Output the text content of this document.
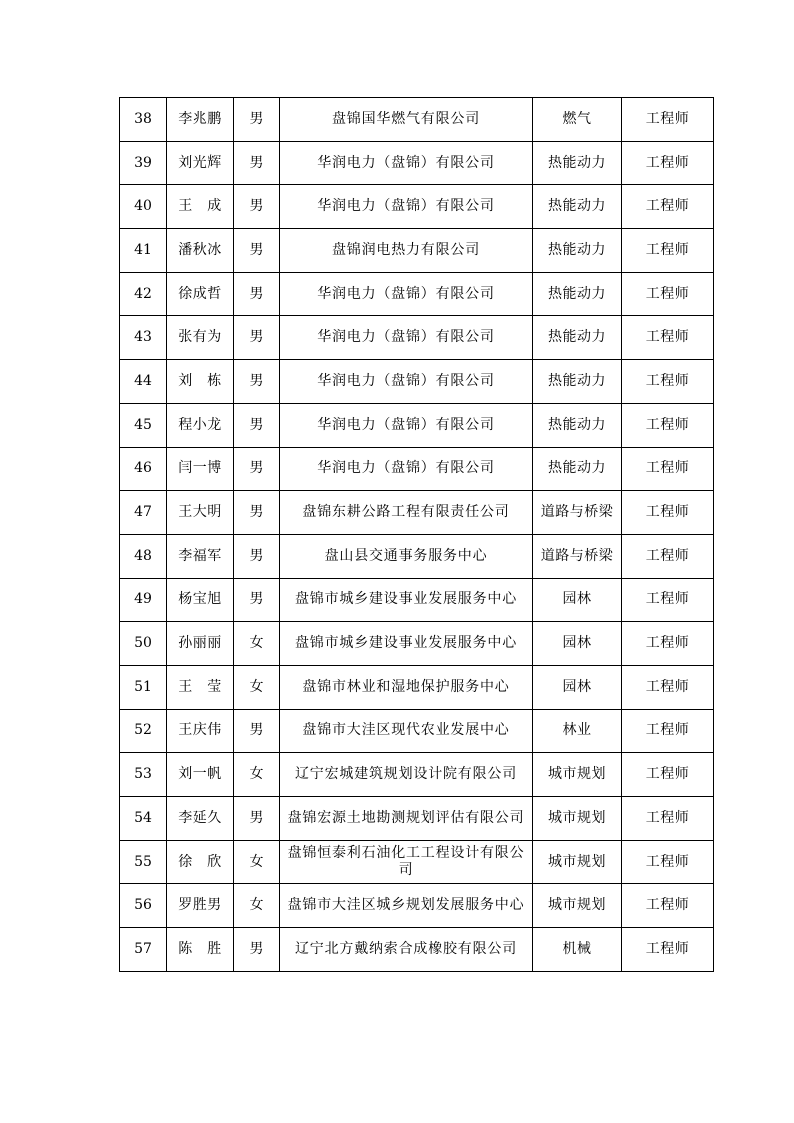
38	李兆鹏	男	盘锦国华燃气有限公司	燃气	工程师
39	刘光辉	男	华润电力（盘锦）有限公司	热能动力	工程师
40	王　成	男	华润电力（盘锦）有限公司	热能动力	工程师
41	潘秋冰	男	盘锦润电热力有限公司	热能动力	工程师
42	徐成哲	男	华润电力（盘锦）有限公司	热能动力	工程师
43	张有为	男	华润电力（盘锦）有限公司	热能动力	工程师
44	刘　栋	男	华润电力（盘锦）有限公司	热能动力	工程师
45	程小龙	男	华润电力（盘锦）有限公司	热能动力	工程师
46	闫一博	男	华润电力（盘锦）有限公司	热能动力	工程师
47	王大明	男	盘锦东耕公路工程有限责任公司	道路与桥梁	工程师
48	李福军	男	盘山县交通事务服务中心	道路与桥梁	工程师
49	杨宝旭	男	盘锦市城乡建设事业发展服务中心	园林	工程师
50	孙丽丽	女	盘锦市城乡建设事业发展服务中心	园林	工程师
51	王　莹	女	盘锦市林业和湿地保护服务中心	园林	工程师
52	王庆伟	男	盘锦市大洼区现代农业发展中心	林业	工程师
53	刘一帆	女	辽宁宏城建筑规划设计院有限公司	城市规划	工程师
54	李延久	男	盘锦宏源土地勘测规划评估有限公司	城市规划	工程师
55	徐　欣	女	盘锦恒泰利石油化工工程设计有限公司	城市规划	工程师
56	罗胜男	女	盘锦市大洼区城乡规划发展服务中心	城市规划	工程师
57	陈　胜	男	辽宁北方戴纳索合成橡胶有限公司	机械	工程师
